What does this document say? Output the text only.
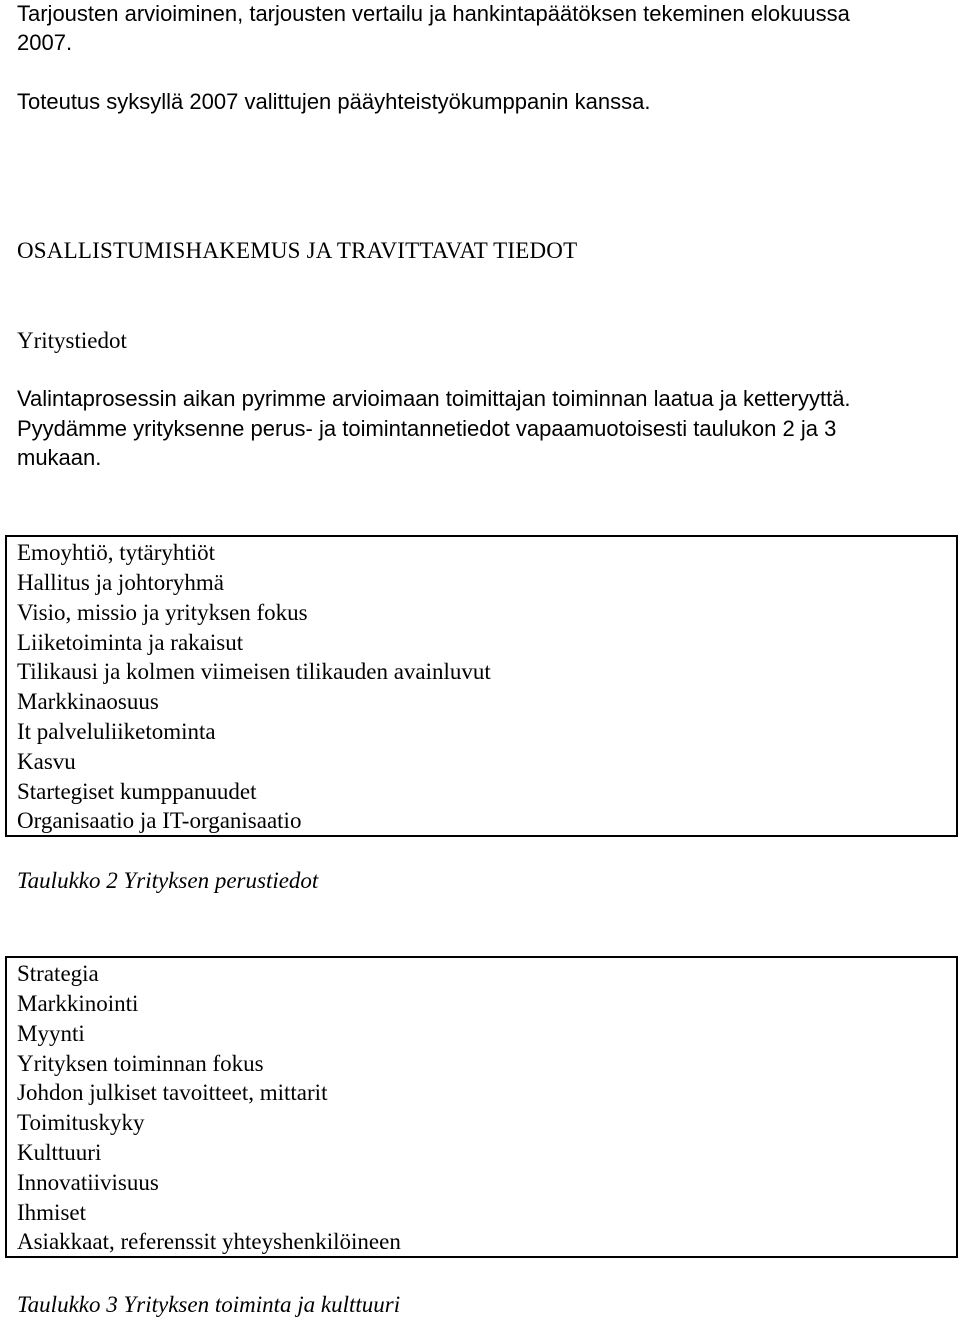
Tarjousten arvioiminen, tarjousten vertailu ja hankintapäätöksen tekeminen elokuussa
2007.
Toteutus syksyllä 2007 valittujen pääyhteistyökumppanin kanssa.
OSALLISTUMISHAKEMUS JA TRAVITTAVAT TIEDOT
Yritystiedot
Valintaprosessin aikan pyrimme arvioimaan toimittajan toiminnan laatua ja ketteryyttä.
Pyydämme yrityksenne perus- ja toimintannetiedot vapaamuotoisesti taulukon 2 ja 3
mukaan.
Emoyhtiö, tytäryhtiöt
Hallitus ja johtoryhmä
Visio, missio ja yrityksen fokus
Liiketoiminta ja rakaisut
Tilikausi ja kolmen viimeisen tilikauden avainluvut
Markkinaosuus
It palveluliiketominta
Kasvu
Startegiset kumppanuudet
Organisaatio ja IT-organisaatio
Taulukko 2 Yrityksen perustiedot
Strategia
Markkinointi
Myynti
Yrityksen toiminnan fokus
Johdon julkiset tavoitteet, mittarit
Toimituskyky
Kulttuuri
Innovatiivisuus
Ihmiset
Asiakkaat, referenssit yhteyshenkilöineen
Taulukko 3 Yrityksen toiminta ja kulttuuri
